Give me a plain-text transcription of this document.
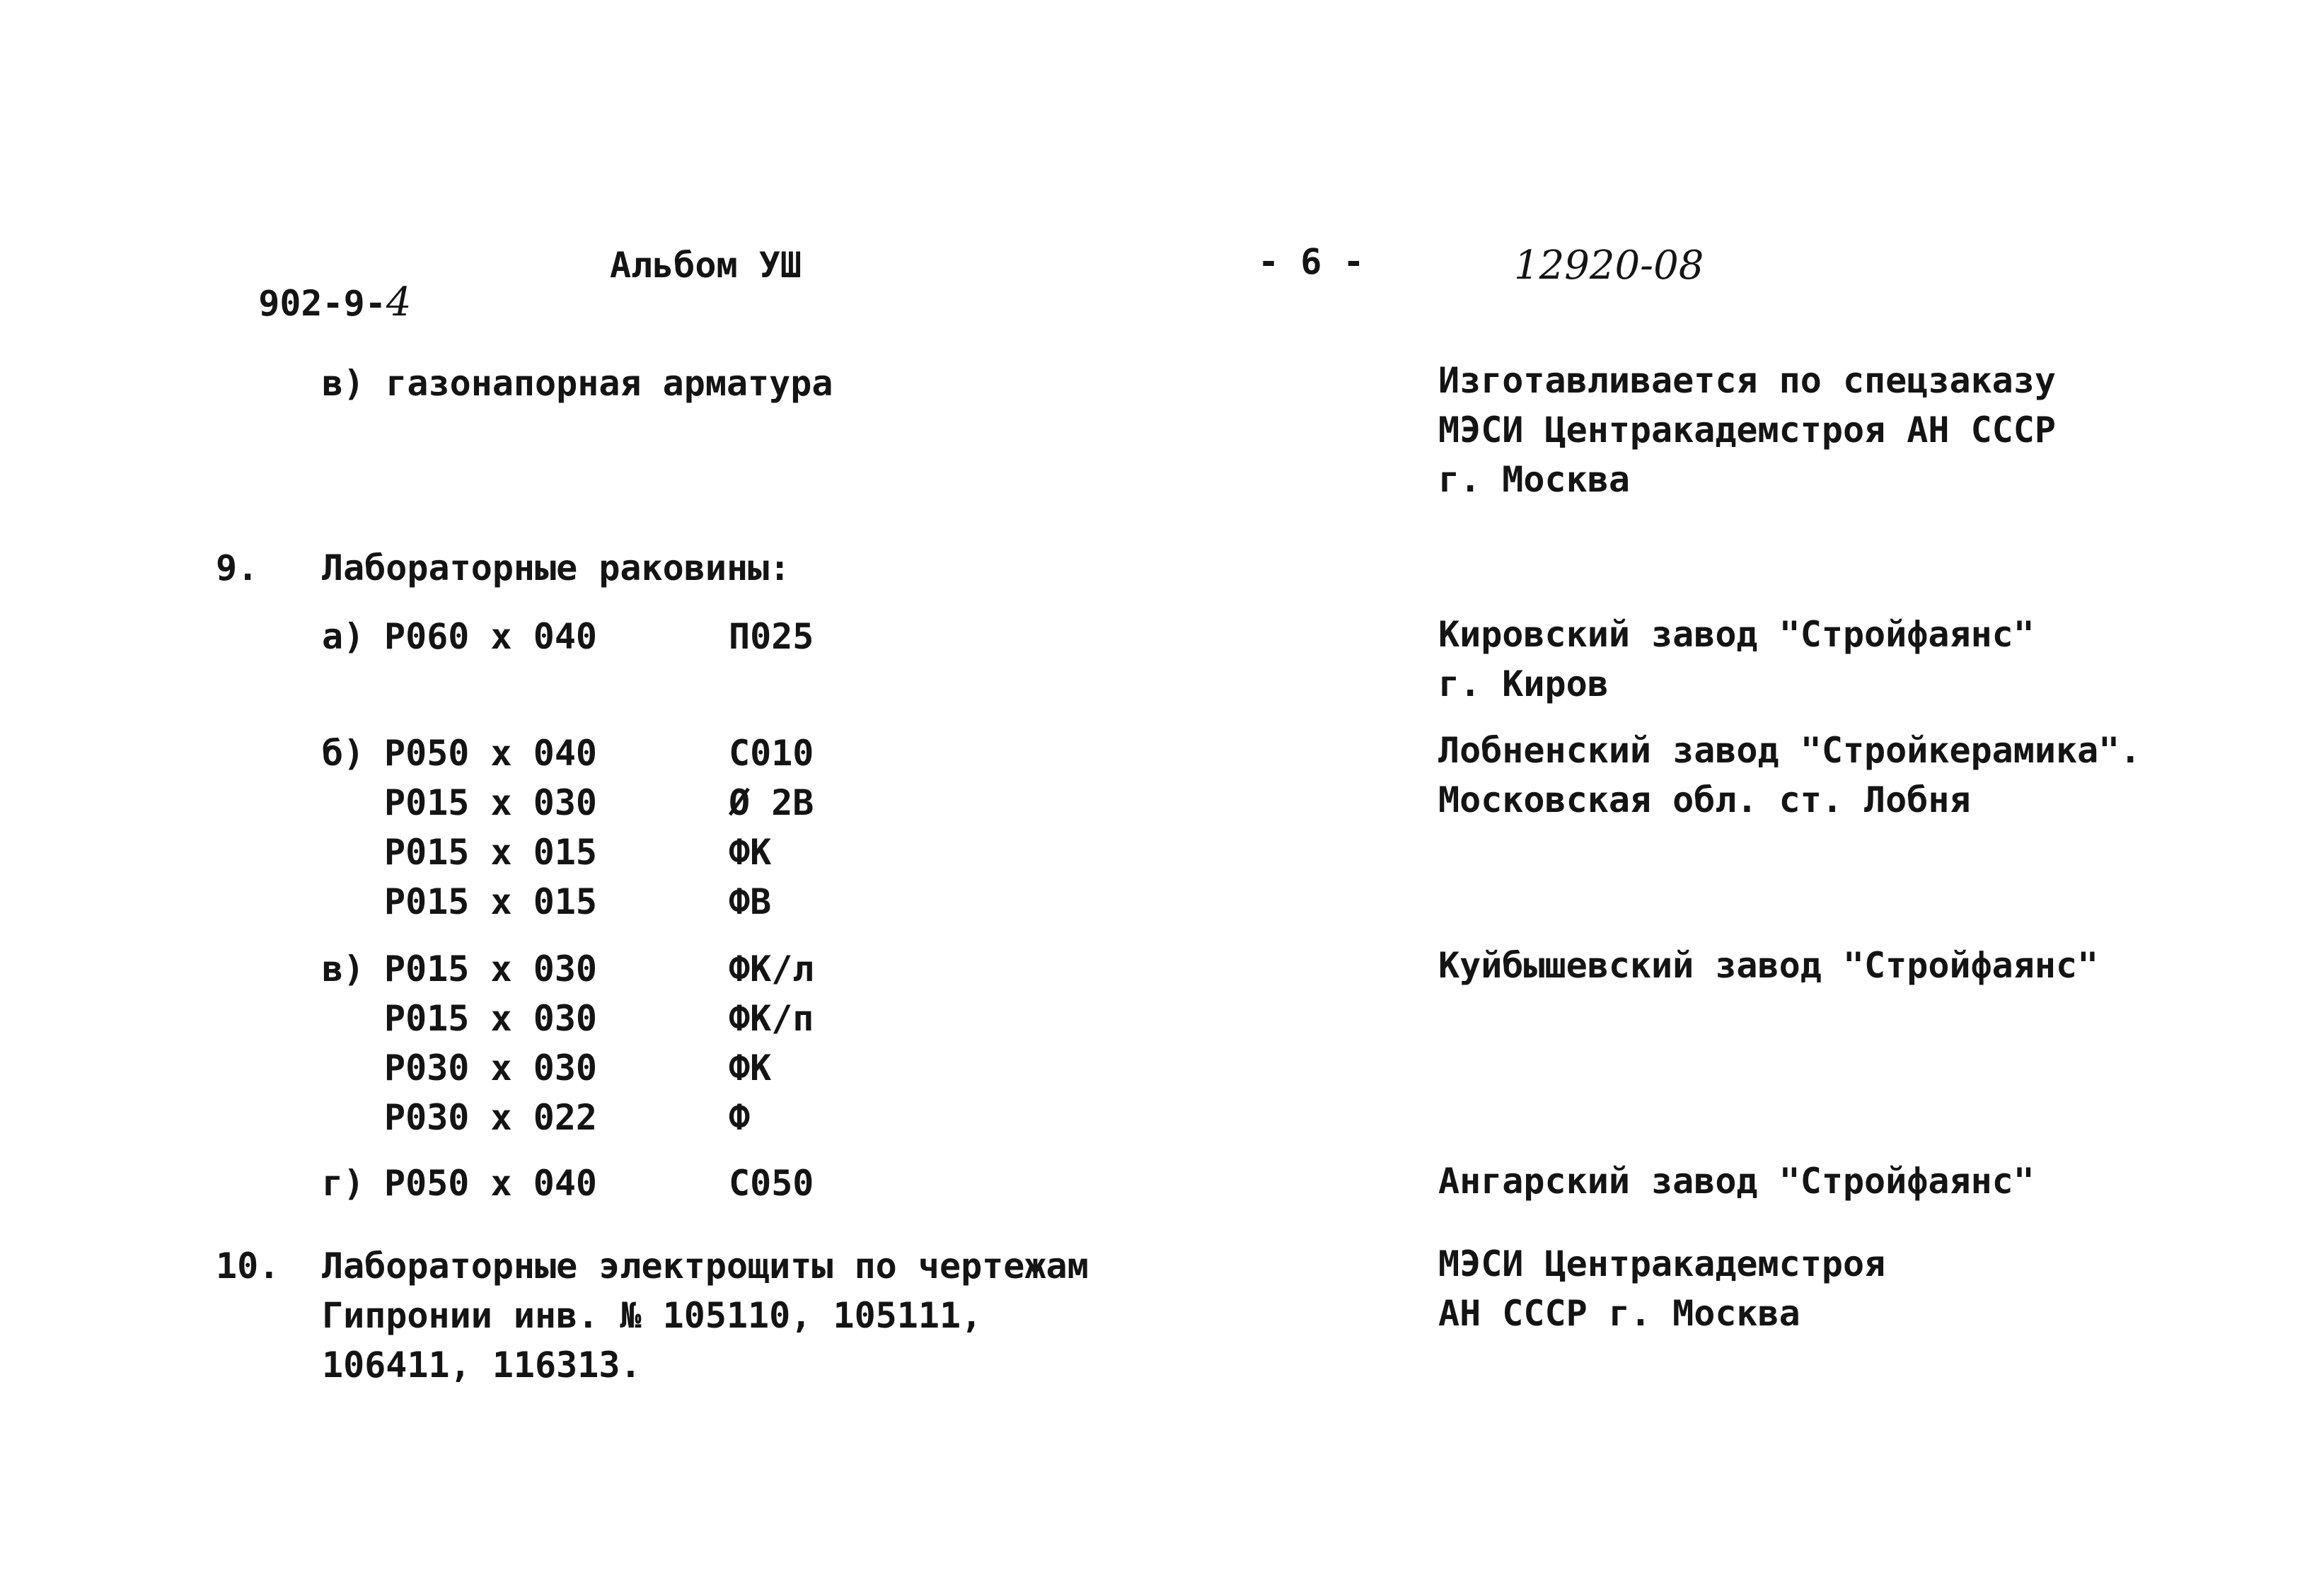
902-9-4

Альбом УШ	- 6 -	12920-08
в) газонапорная арматура	Изготавливается по спецзаказу
МЭСИ Центракадемстроя АН СССР
г. Москва
9. Лабораторные раковины:
а) Р060 х 040	П025	Кировский завод "Стройфаянс"
г. Киров
б) Р050 х 040	С010
Р015 х 030	Ø 2В
Р015 х 015	ФК
Р015 х 015	ФВ
Лобненский завод "Стройкерамика".
Московская обл. ст. Лобня
в) Р015 х 030	ФК/л
Р015 х 030	ФК/п
Р030 х 030	ФК
Р030 х 022	Ф
Куйбышевский завод "Стройфаянс"
г) Р050 х 040	С050	Ангарский завод "Стройфаянс"
10. Лабораторные электрощиты по чертежам
Гипронии инв. № 105110, 105111,
106411, 116313.
МЭСИ Центракадемстроя
АН СССР г. Москва
